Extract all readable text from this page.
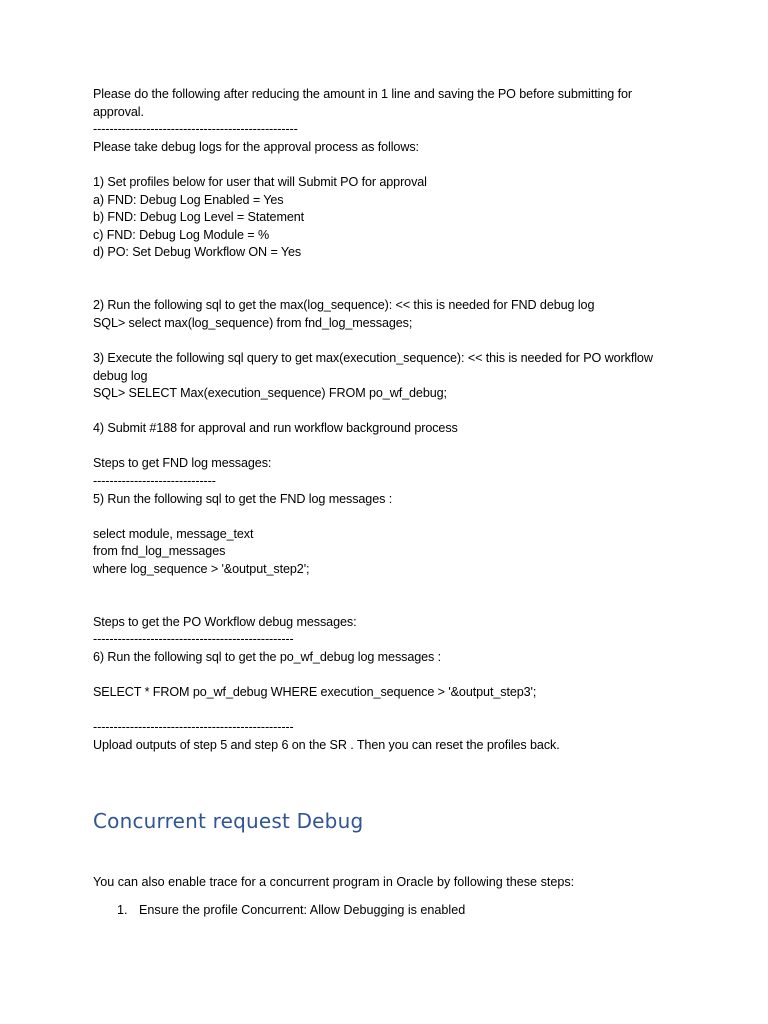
Please do the following after reducing the amount in 1 line and saving the PO before submitting for approval.
--------------------------------------------------
Please take debug logs for the approval process as follows:
1) Set profiles below for user that will Submit PO for approval
a) FND: Debug Log Enabled = Yes
b) FND: Debug Log Level = Statement
c) FND: Debug Log Module = %
d) PO: Set Debug Workflow ON = Yes
2) Run the following sql to get the max(log_sequence): << this is needed for FND debug log
SQL> select max(log_sequence) from fnd_log_messages;
3) Execute the following sql query to get max(execution_sequence): << this is needed for PO workflow debug log
SQL> SELECT Max(execution_sequence) FROM po_wf_debug;
4) Submit #188 for approval and run workflow background process
Steps to get FND log messages:
------------------------------
5) Run the following sql to get the FND log messages :
select module, message_text
from fnd_log_messages
where log_sequence > '&output_step2';
Steps to get the PO Workflow debug messages:
-------------------------------------------------
6) Run the following sql to get the po_wf_debug log messages :
SELECT * FROM po_wf_debug WHERE execution_sequence > '&output_step3';
-------------------------------------------------
Upload outputs of step 5 and step 6 on the SR . Then you can reset the profiles back.
Concurrent request Debug
You can also enable trace for a concurrent program in Oracle by following these steps:
1. Ensure the profile Concurrent: Allow Debugging is enabled
